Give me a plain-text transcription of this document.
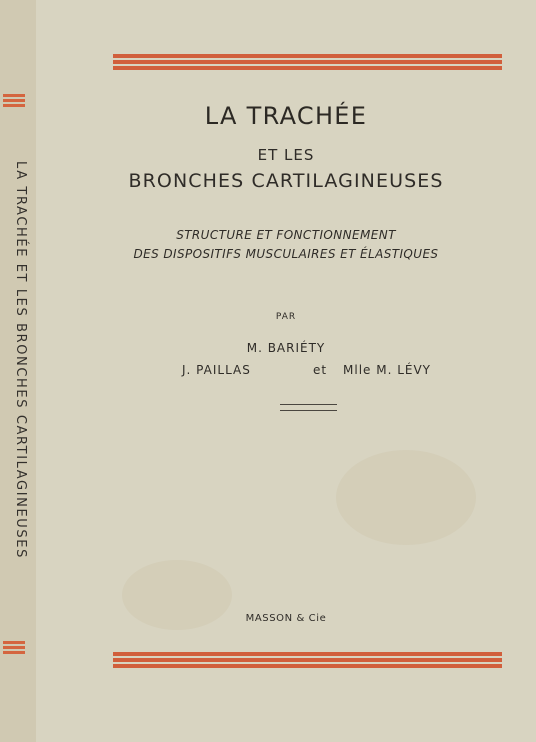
LA TRACHÉE ET LES BRONCHES CARTILAGINEUSES
LA TRACHÉE
ET LES
BRONCHES CARTILAGINEUSES
STRUCTURE ET FONCTIONNEMENT
DES DISPOSITIFS MUSCULAIRES ET ÉLASTIQUES
PAR
M. BARIÉTY
J. PAILLAS	et Mlle M. LÉVY
MASSON & Cie
